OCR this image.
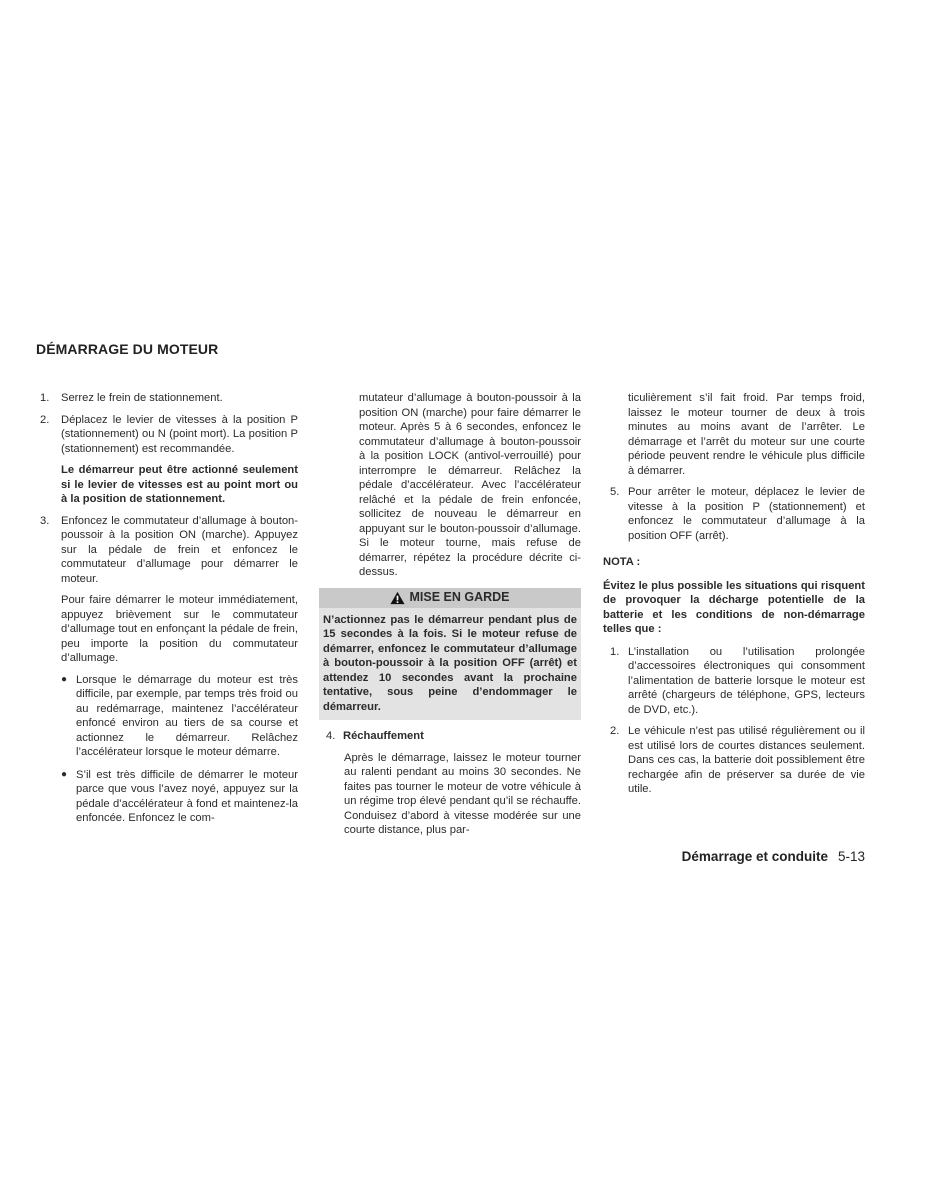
DÉMARRAGE DU MOTEUR
1.	Serrez le frein de stationnement.
2.	Déplacez le levier de vitesses à la position P (stationnement) ou N (point mort). La position P (stationnement) est recommandée.
Le démarreur peut être actionné seulement si le levier de vitesses est au point mort ou à la position de stationnement.
3.	Enfoncez le commutateur d’allumage à bouton-poussoir à la position ON (marche). Appuyez sur la pédale de frein et enfoncez le commutateur d’allumage pour démarrer le moteur.
Pour faire démarrer le moteur immédiatement, appuyez brièvement sur le commutateur d’allumage tout en enfonçant la pédale de frein, peu importe la position du commutateur d’allumage.
● Lorsque le démarrage du moteur est très difficile, par exemple, par temps très froid ou au redémarrage, maintenez l’accélérateur enfoncé environ au tiers de sa course et actionnez le démarreur. Relâchez l’accélérateur lorsque le moteur démarre.
● S’il est très difficile de démarrer le moteur parce que vous l’avez noyé, appuyez sur la pédale d’accélérateur à fond et maintenez-la enfoncée. Enfoncez le com-
mutateur d’allumage à bouton-poussoir à la position ON (marche) pour faire démarrer le moteur. Après 5 à 6 secondes, enfoncez le commutateur d’allumage à bouton-poussoir à la position LOCK (antivol-verrouillé) pour interrompre le démarreur. Relâchez la pédale d’accélérateur. Avec l’accélérateur relâché et la pédale de frein enfoncée, sollicitez de nouveau le démarreur en appuyant sur le bouton-poussoir d’allumage. Si le moteur tourne, mais refuse de démarrer, répétez la procédure décrite ci-dessus.
MISE EN GARDE
N’actionnez pas le démarreur pendant plus de 15 secondes à la fois. Si le moteur refuse de démarrer, enfoncez le commutateur d’allumage à bouton-poussoir à la position OFF (arrêt) et attendez 10 secondes avant la prochaine tentative, sous peine d’endommager le démarreur.
4. Réchauffement
Après le démarrage, laissez le moteur tourner au ralenti pendant au moins 30 secondes. Ne faites pas tourner le moteur de votre véhicule à un régime trop élevé pendant qu’il se réchauffe. Conduisez d’abord à vitesse modérée sur une courte distance, plus par-
ticulièrement s’il fait froid. Par temps froid, laissez le moteur tourner de deux à trois minutes au moins avant de l’arrêter. Le démarrage et l’arrêt du moteur sur une courte période peuvent rendre le véhicule plus difficile à démarrer.
5. Pour arrêter le moteur, déplacez le levier de vitesse à la position P (stationnement) et enfoncez le commutateur d’allumage à la position OFF (arrêt).
NOTA :
Évitez le plus possible les situations qui risquent de provoquer la décharge potentielle de la batterie et les conditions de non-démarrage telles que :
1. L’installation ou l’utilisation prolongée d’accessoires électroniques qui consomment l’alimentation de batterie lorsque le moteur est arrêté (chargeurs de téléphone, GPS, lecteurs de DVD, etc.).
2. Le véhicule n’est pas utilisé régulièrement ou il est utilisé lors de courtes distances seulement. Dans ces cas, la batterie doit possiblement être rechargée afin de préserver sa durée de vie utile.
Démarrage et conduite 5-13
